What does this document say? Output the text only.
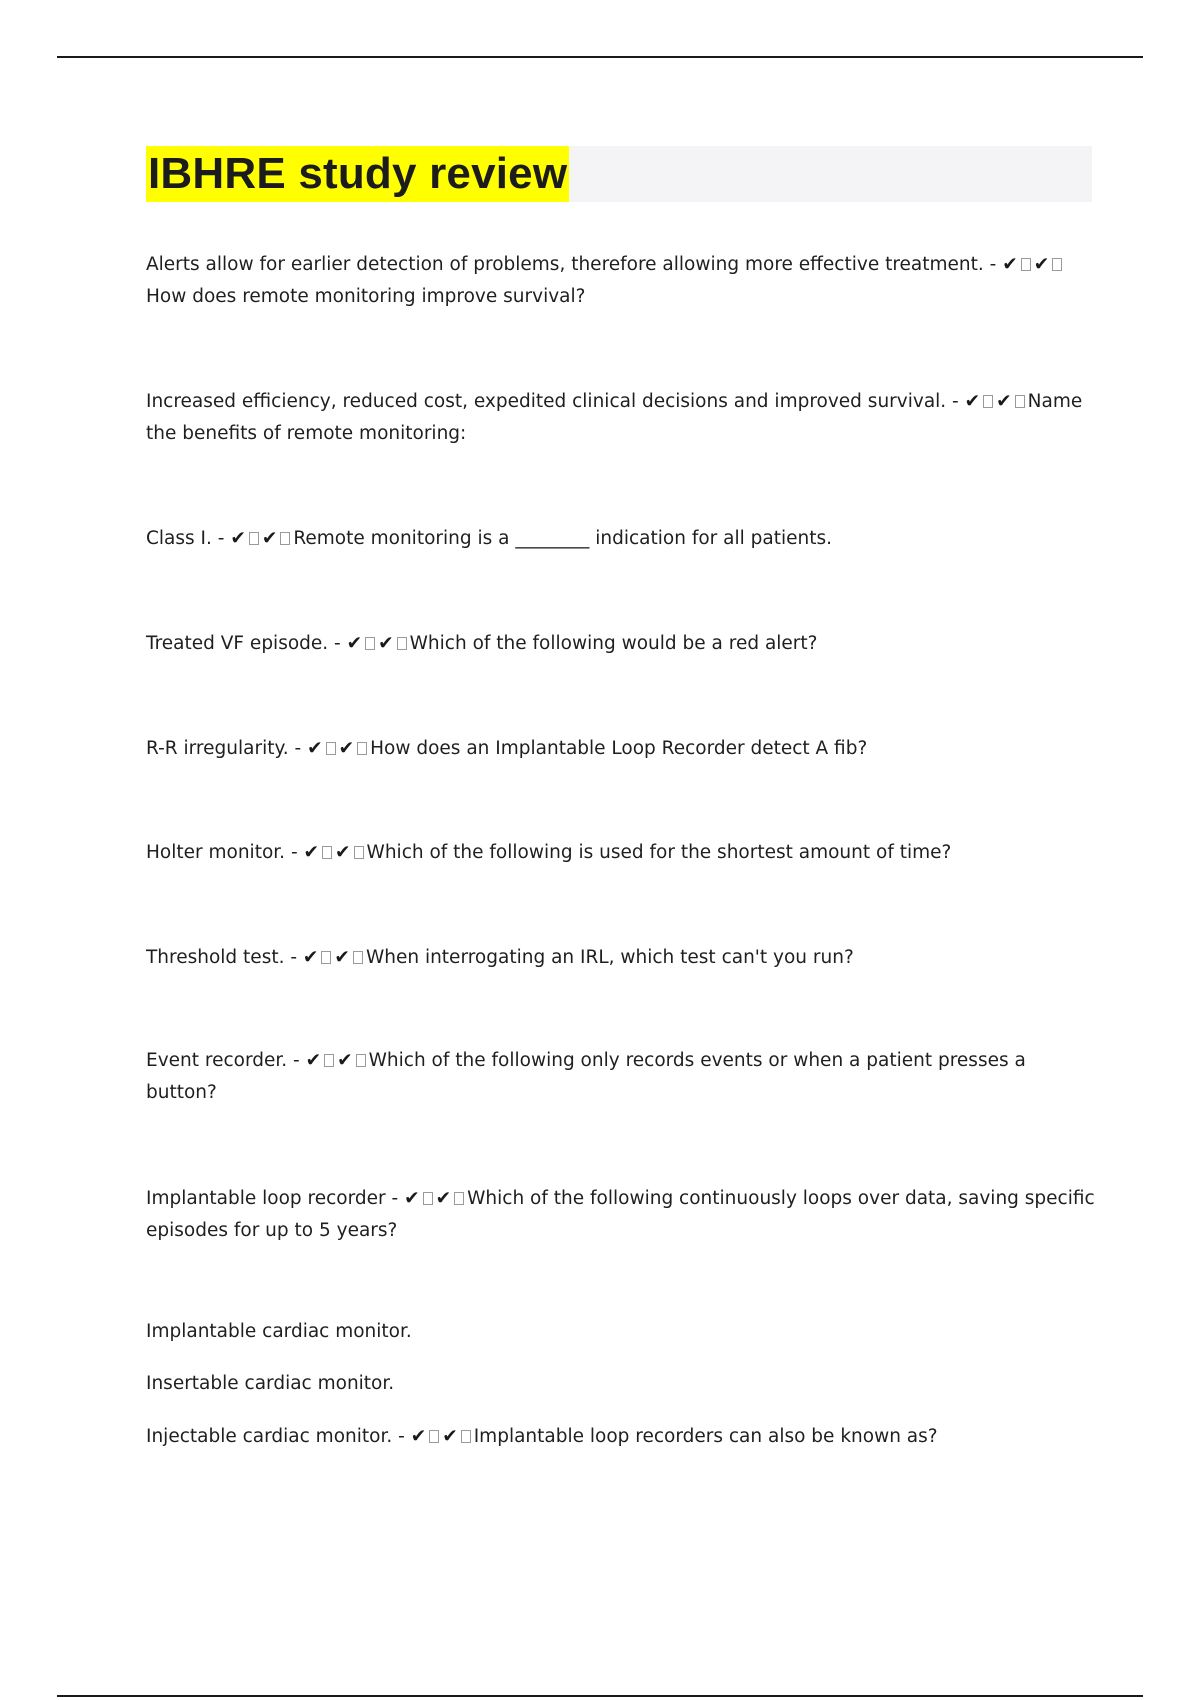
IBHRE study review

Alerts allow for earlier detection of problems, therefore allowing more effective treatment. - ✔ ✔How does remote monitoring improve survival?

Increased efficiency, reduced cost, expedited clinical decisions and improved survival. - ✔ ✔ Name the benefits of remote monitoring:

Class I. - ✔ ✔ Remote monitoring is a ________ indication for all patients.

Treated VF episode. - ✔ ✔ Which of the following would be a red alert?

R-R irregularity. - ✔ ✔ How does an Implantable Loop Recorder detect A fib?

Holter monitor. - ✔ ✔ Which of the following is used for the shortest amount of time?

Threshold test. - ✔ ✔ When interrogating an IRL, which test can't you run?

Event recorder. - ✔ ✔ Which of the following only records events or when a patient presses a button?

Implantable loop recorder - ✔ ✔ Which of the following continuously loops over data, saving specific episodes for up to 5 years?

Implantable cardiac monitor.

Insertable cardiac monitor.

Injectable cardiac monitor. - ✔ ✔ Implantable loop recorders can also be known as?
